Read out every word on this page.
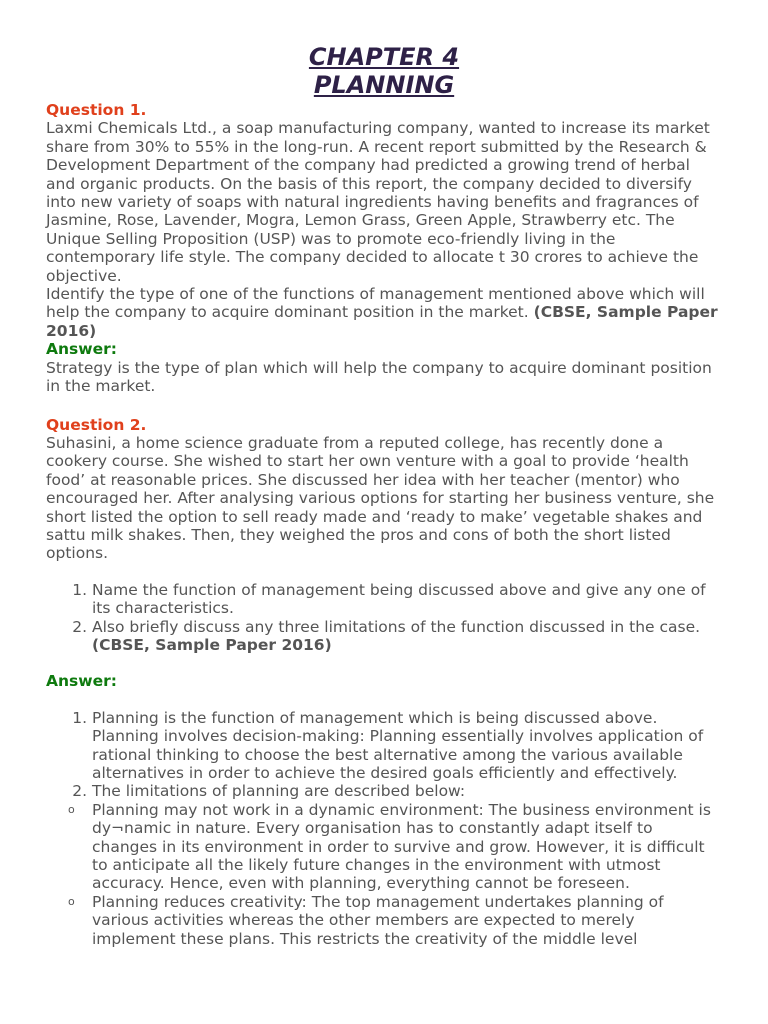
CHAPTER 4
PLANNING

Question 1.

Laxmi Chemicals Ltd., a soap manufacturing company, wanted to increase its market share from 30% to 55% in the long-run. A recent report submitted by the Research & Development Department of the company had predicted a growing trend of herbal and organic products. On the basis of this report, the company decided to diversify into new variety of soaps with natural ingredients having benefits and fragrances of Jasmine, Rose, Lavender, Mogra, Lemon Grass, Green Apple, Strawberry etc. The Unique Selling Proposition (USP) was to promote eco-friendly living in the contemporary life style. The company decided to allocate t 30 crores to achieve the objective.

Identify the type of one of the functions of management mentioned above which will help the company to acquire dominant position in the market. (CBSE, Sample Paper 2016)

Answer:

Strategy is the type of plan which will help the company to acquire dominant position in the market.

Question 2.

Suhasini, a home science graduate from a reputed college, has recently done a cookery course. She wished to start her own venture with a goal to provide ‘health food’ at reasonable prices. She discussed her idea with her teacher (mentor) who encouraged her. After analysing various options for starting her business venture, she short listed the option to sell ready made and ‘ready to make’ vegetable shakes and sattu milk shakes. Then, they weighed the pros and cons of both the short listed options.

1. Name the function of management being discussed above and give any one of its characteristics.
2. Also briefly discuss any three limitations of the function discussed in the case. (CBSE, Sample Paper 2016)

Answer:

1. Planning is the function of management which is being discussed above. Planning involves decision-making: Planning essentially involves application of rational thinking to choose the best alternative among the various available alternatives in order to achieve the desired goals efficiently and effectively.
2. The limitations of planning are described below:
o Planning may not work in a dynamic environment: The business environment is dy¬namic in nature. Every organisation has to constantly adapt itself to changes in its environment in order to survive and grow. However, it is difficult to anticipate all the likely future changes in the environment with utmost accuracy. Hence, even with planning, everything cannot be foreseen.
o Planning reduces creativity: The top management undertakes planning of various activities whereas the other members are expected to merely implement these plans. This restricts the creativity of the middle level
